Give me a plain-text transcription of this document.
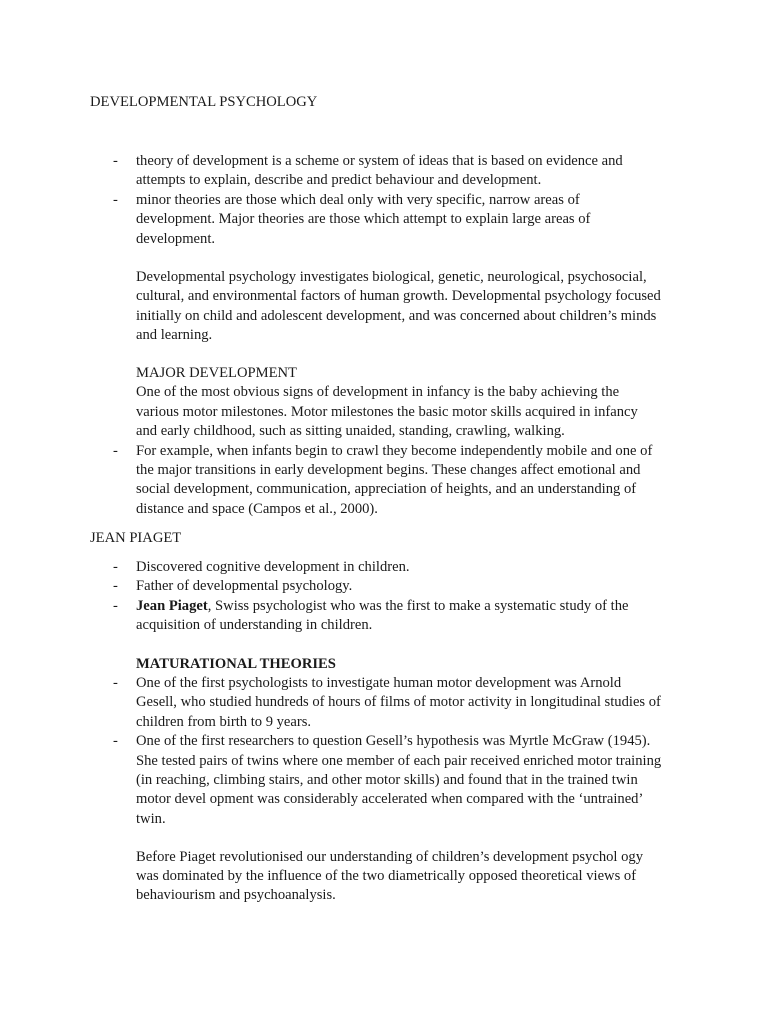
DEVELOPMENTAL PSYCHOLOGY
- theory of development is a scheme or system of ideas that is based on evidence and
attempts to explain, describe and predict behaviour and development.
- minor theories are those which deal only with very specific, narrow areas of
development. Major theories are those which attempt to explain large areas of
development.
Developmental psychology investigates biological, genetic, neurological, psychosocial,
cultural, and environmental factors of human growth. Developmental psychology focused
initially on child and adolescent development, and was concerned about children’s minds
and learning.
MAJOR DEVELOPMENT
One of the most obvious signs of development in infancy is the baby achieving the
various motor milestones. Motor milestones the basic motor skills acquired in infancy
and early childhood, such as sitting unaided, standing, crawling, walking.
- For example, when infants begin to crawl they become independently mobile and one of
the major transitions in early development begins. These changes affect emotional and
social development, communication, appreciation of heights, and an understanding of
distance and space (Campos et al., 2000).
JEAN PIAGET
- Discovered cognitive development in children.
- Father of developmental psychology.
- Jean Piaget, Swiss psychologist who was the first to make a systematic study of the
acquisition of understanding in children.
MATURATIONAL THEORIES
- One of the first psychologists to investigate human motor development was Arnold
Gesell, who studied hundreds of hours of films of motor activity in longitudinal studies of
children from birth to 9 years.
- One of the first researchers to question Gesell’s hypothesis was Myrtle McGraw (1945).
She tested pairs of twins where one member of each pair received enriched motor training
(in reaching, climbing stairs, and other motor skills) and found that in the trained twin
motor devel opment was considerably accelerated when compared with the ‘untrained’
twin.
Before Piaget revolutionised our understanding of children’s development psychol ogy
was dominated by the influence of the two diametrically opposed theoretical views of
behaviourism and psychoanalysis.
